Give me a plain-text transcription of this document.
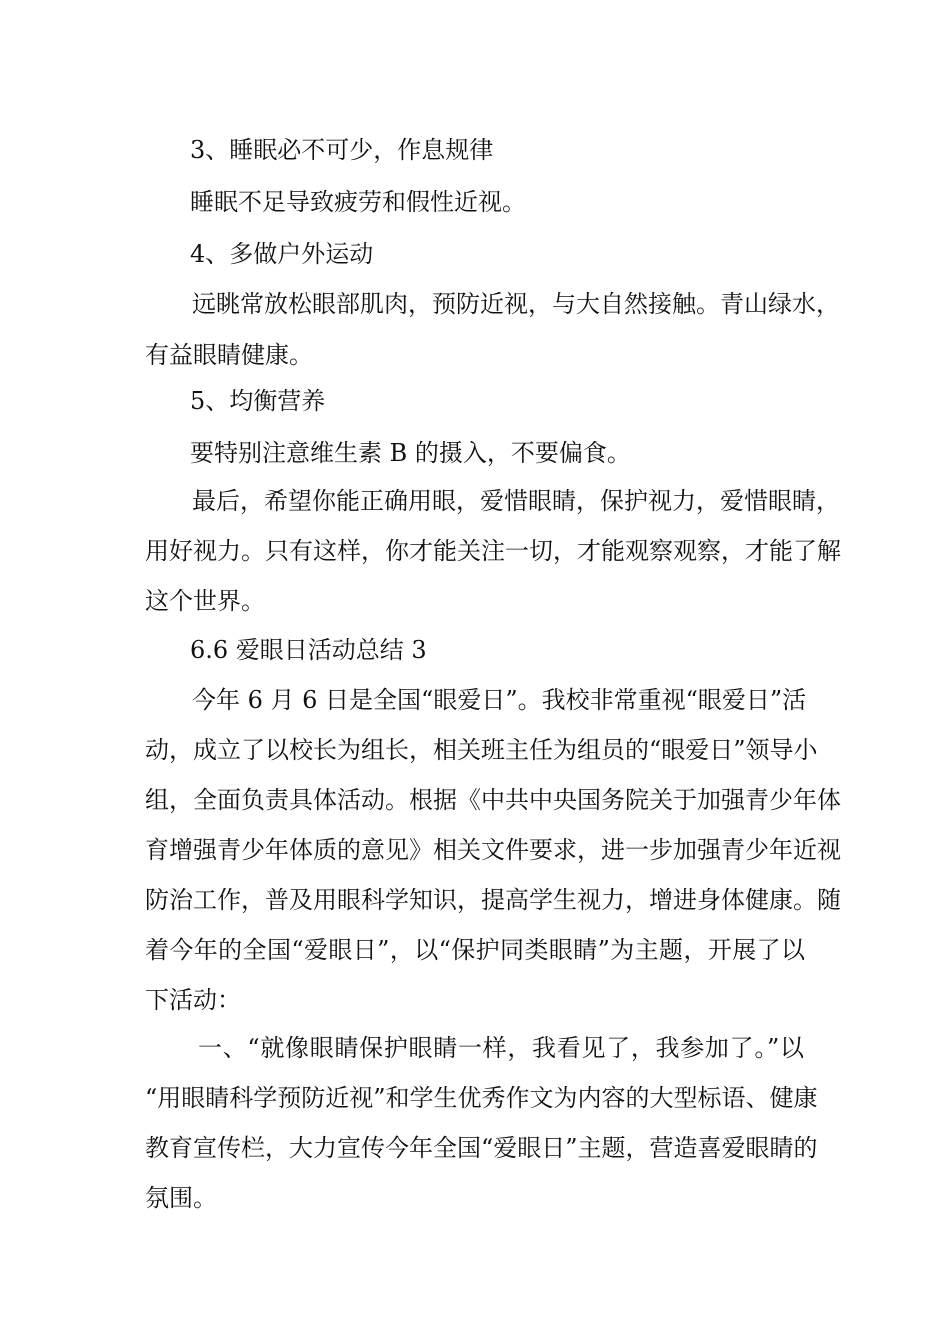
3、睡眠必不可少，作息规律
睡眠不足导致疲劳和假性近视。
4、多做户外运动
远眺常放松眼部肌肉，预防近视，与大自然接触。青山绿水，
有益眼睛健康。
5、均衡营养
要特别注意维生素 B 的摄入，不要偏食。
最后，希望你能正确用眼，爱惜眼睛，保护视力，爱惜眼睛，
用好视力。只有这样，你才能关注一切，才能观察观察，才能了解
这个世界。
6.6 爱眼日活动总结 3
今年 6 月 6 日是全国“眼爱日”。我校非常重视“眼爱日”活
动，成立了以校长为组长，相关班主任为组员的“眼爱日”领导小
组，全面负责具体活动。根据《中共中央国务院关于加强青少年体
育增强青少年体质的意见》相关文件要求，进一步加强青少年近视
防治工作，普及用眼科学知识，提高学生视力，增进身体健康。随
着今年的全国“爱眼日”，以“保护同类眼睛”为主题，开展了以
下活动：
一、“就像眼睛保护眼睛一样，我看见了，我参加了。”以
“用眼睛科学预防近视”和学生优秀作文为内容的大型标语、健康
教育宣传栏，大力宣传今年全国“爱眼日”主题，营造喜爱眼睛的
氛围。
